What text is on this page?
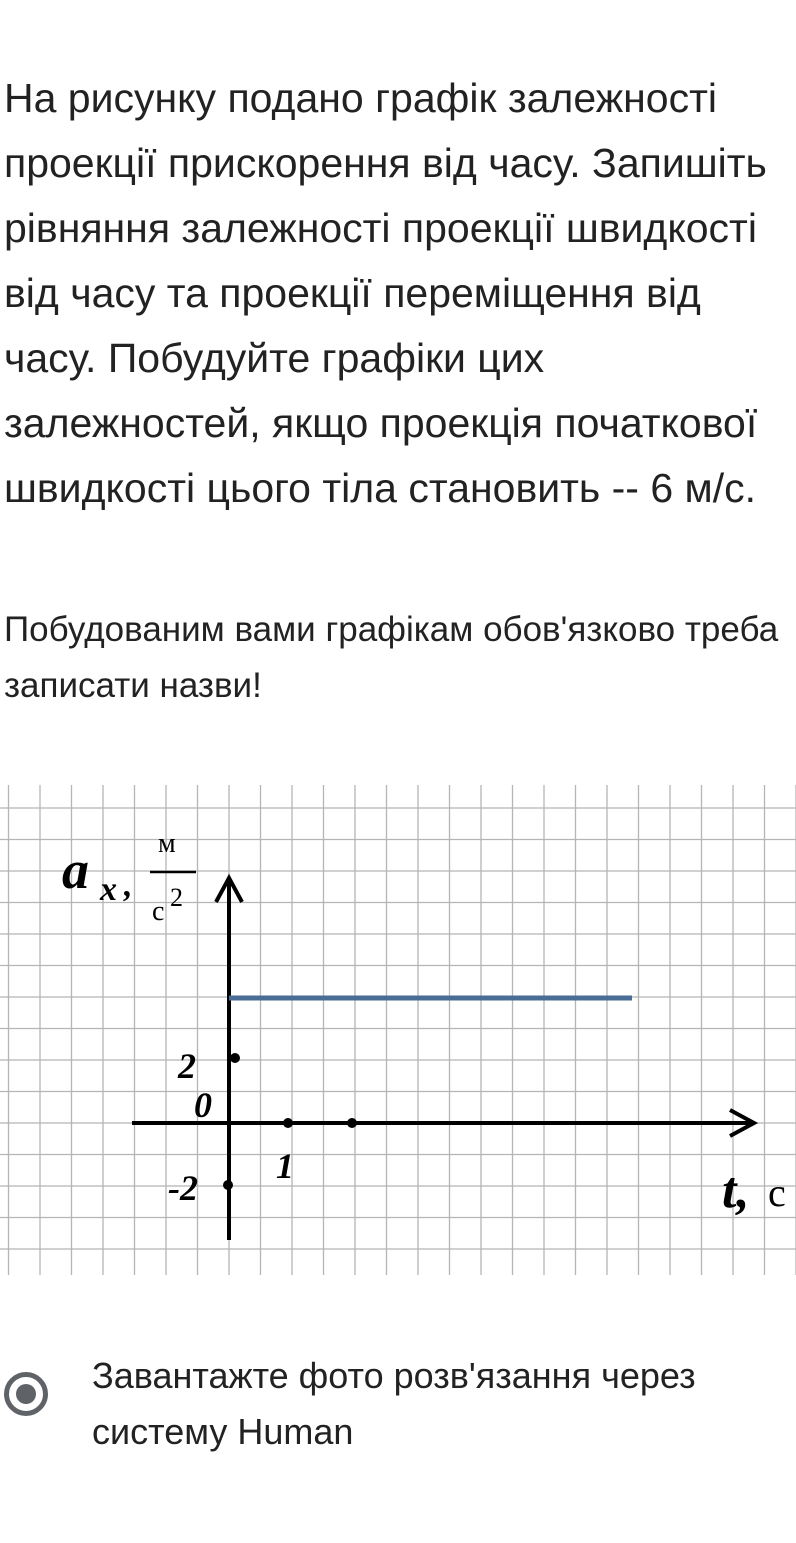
На рисунку подано графік залежності проекції прискорення від часу. Запишіть рівняння залежності проекції швидкості від часу та проекції переміщення від часу. Побудуйте графіки цих залежностей, якщо проекція початкової швидкості цього тіла становить -- 6 м/с.

Побудованим вами графікам обов'язково треба записати назви!

a x ,
м
с 2
2
0
-2
1	t, с
Завантажте фото розв'язання через систему Human
